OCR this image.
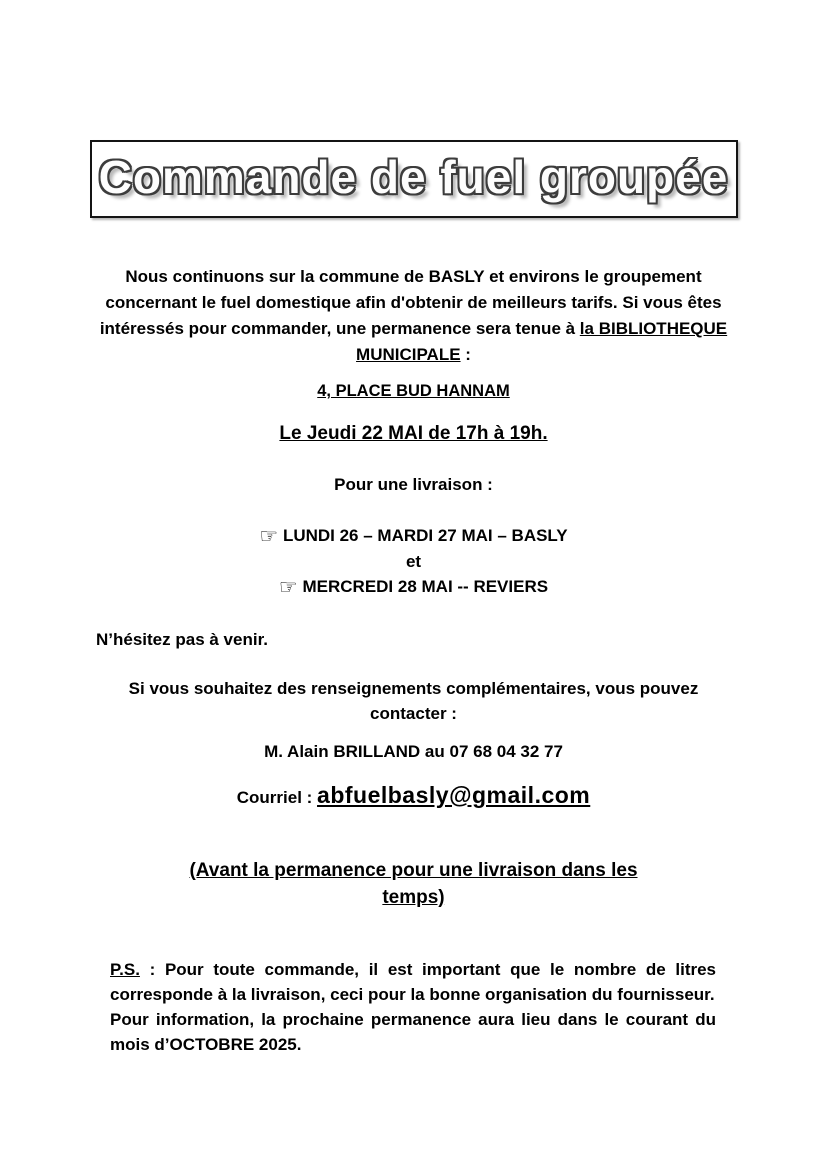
Commande de fuel groupée

Nous continuons sur la commune de BASLY et environs le groupement concernant le fuel domestique afin d'obtenir de meilleurs tarifs. Si vous êtes intéressés pour commander, une permanence sera tenue à la BIBLIOTHEQUE MUNICIPALE :

4, PLACE BUD HANNAM

Le Jeudi 22 MAI de 17h à 19h.

Pour une livraison :

☞ LUNDI 26 – MARDI 27 MAI – BASLY

et

☞ MERCREDI 28 MAI -- REVIERS

N’hésitez pas à venir.

Si vous souhaitez des renseignements complémentaires, vous pouvez contacter :

M. Alain BRILLAND au 07 68 04 32 77

Courriel : abfuelbasly@gmail.com

(Avant la permanence pour une livraison dans les temps)

P.S. : Pour toute commande, il est important que le nombre de litres corresponde à la livraison, ceci pour la bonne organisation du fournisseur.

Pour information, la prochaine permanence aura lieu dans le courant du mois d’OCTOBRE 2025.
